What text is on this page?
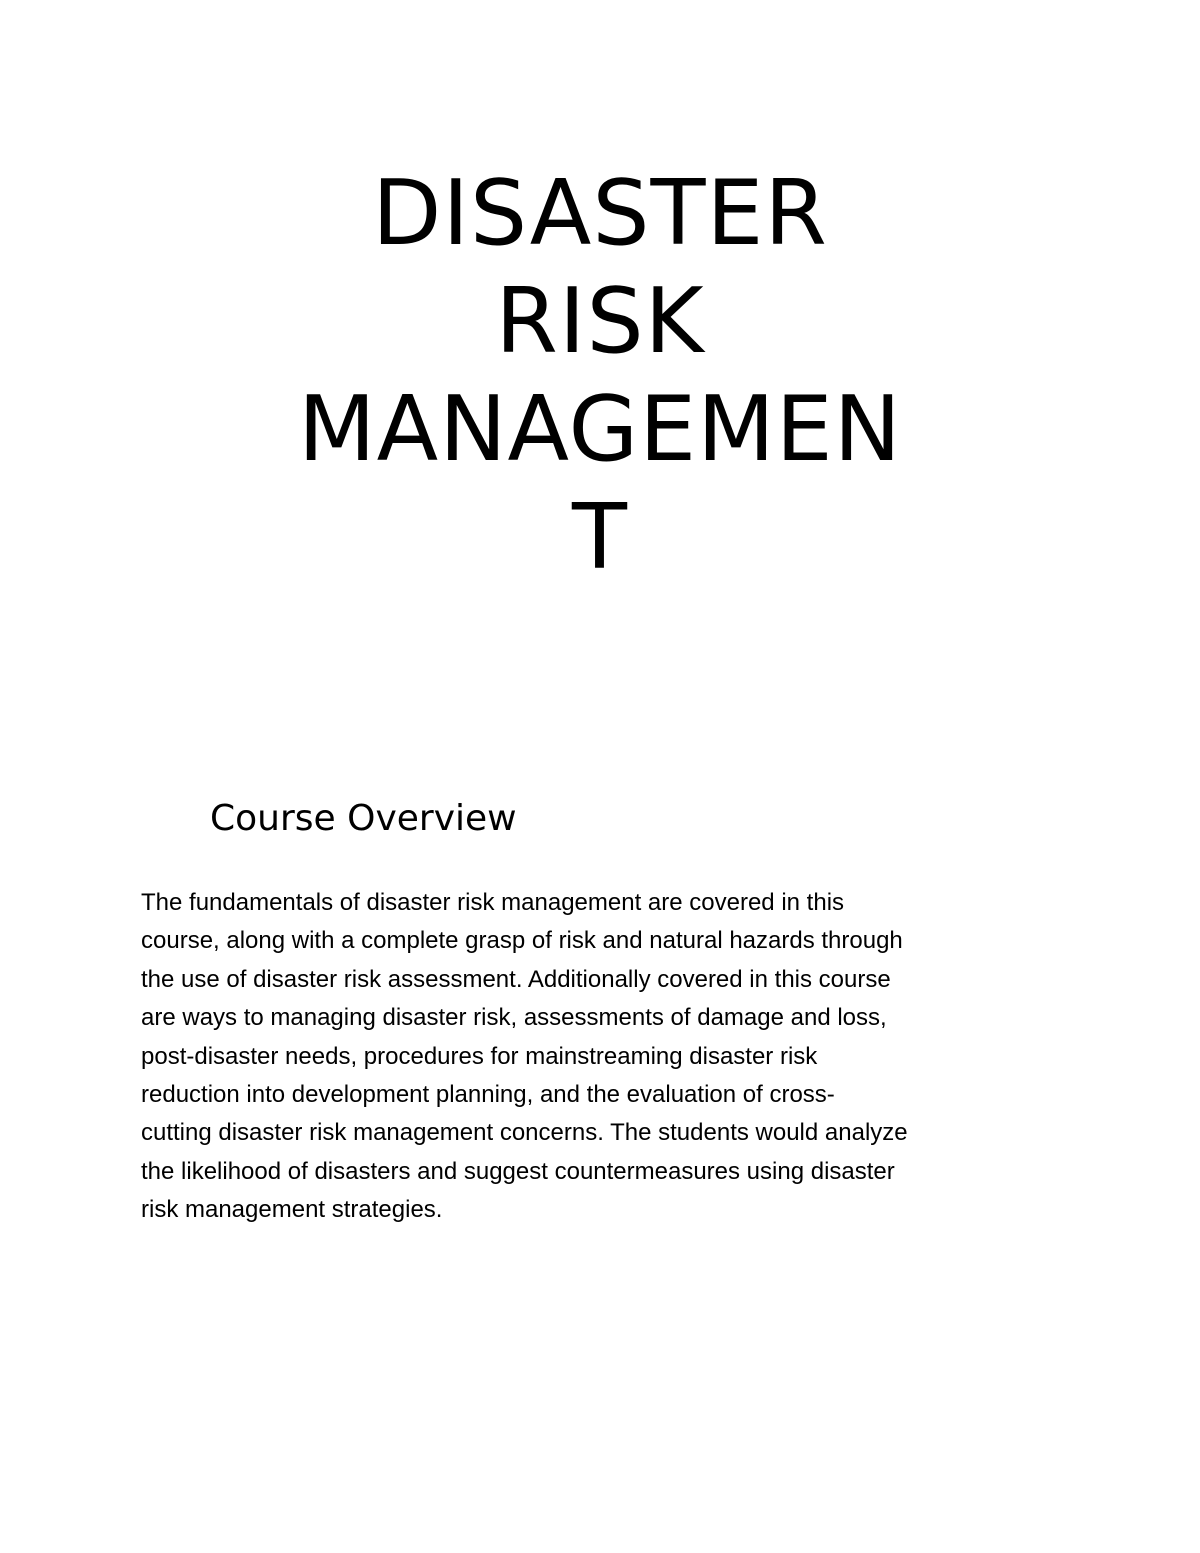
DISASTER
RISK
MANAGEMEN
T
Course Overview
The fundamentals of disaster risk management are covered in this
course, along with a complete grasp of risk and natural hazards through
the use of disaster risk assessment. Additionally covered in this course
are ways to managing disaster risk, assessments of damage and loss,
post-disaster needs, procedures for mainstreaming disaster risk
reduction into development planning, and the evaluation of cross-
cutting disaster risk management concerns. The students would analyze
the likelihood of disasters and suggest countermeasures using disaster
risk management strategies.
